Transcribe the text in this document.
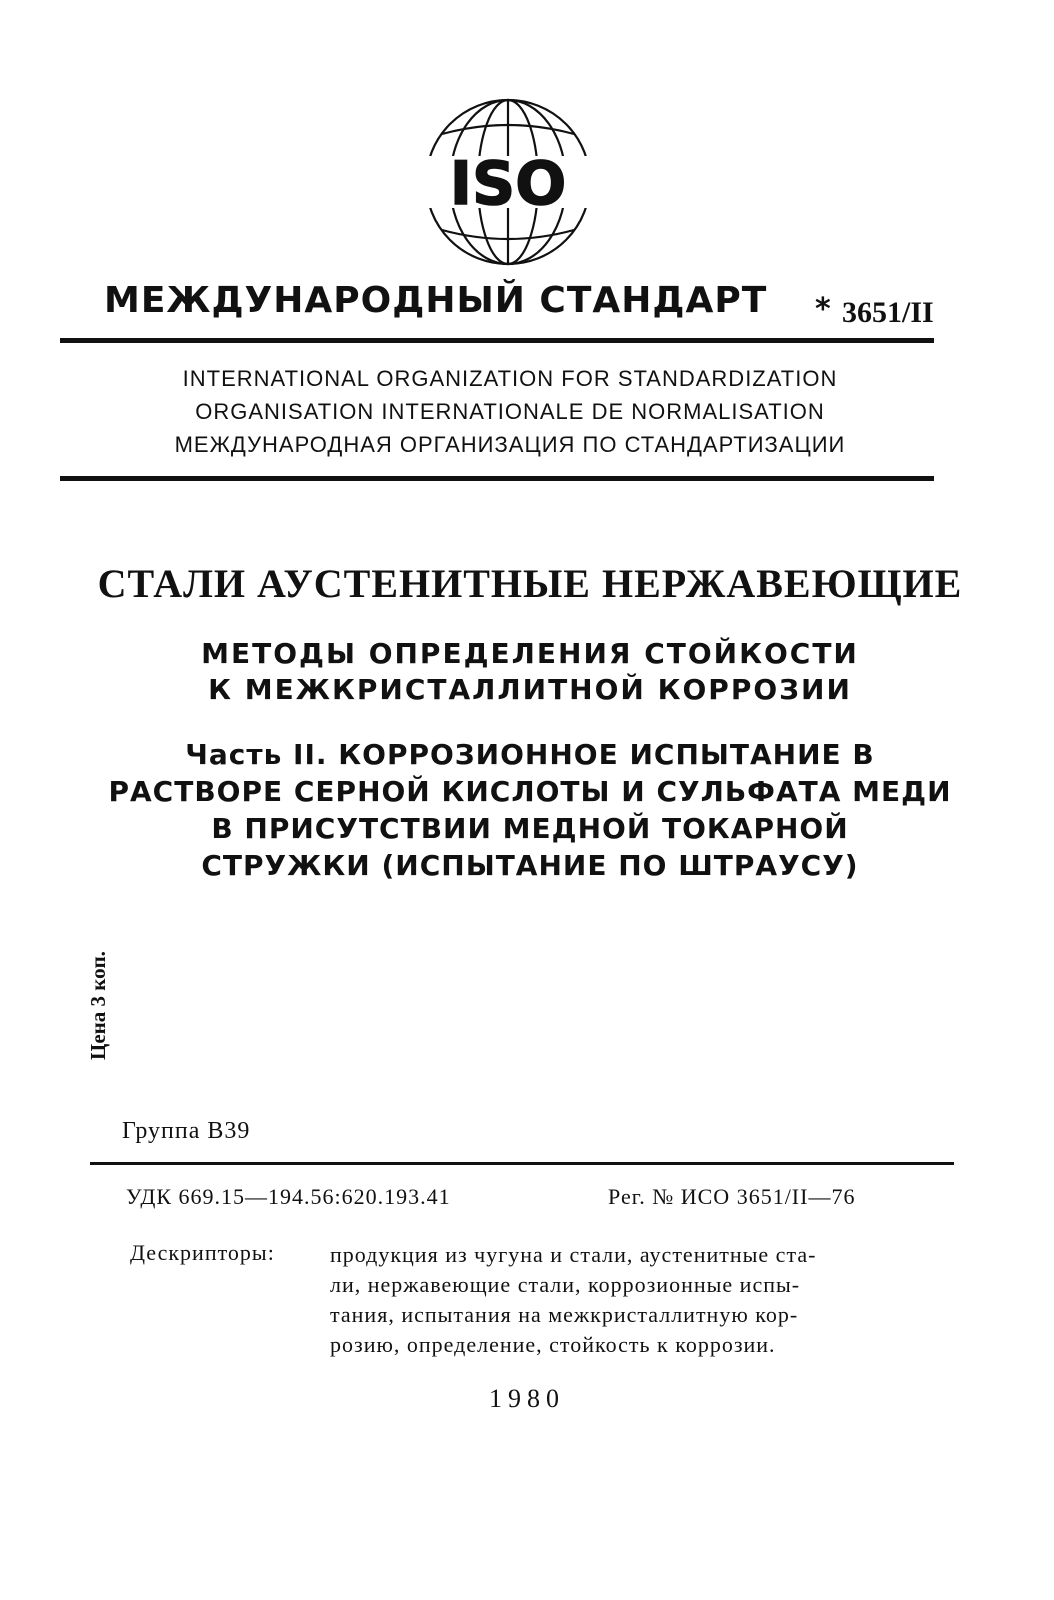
ISO
МЕЖДУНАРОДНЫЙ СТАНДАРТ	* 3651/II
INTERNATIONAL ORGANIZATION FOR STANDARDIZATION
ORGANISATION INTERNATIONALE DE NORMALISATION
МЕЖДУНАРОДНАЯ ОРГАНИЗАЦИЯ ПО СТАНДАРТИЗАЦИИ
СТАЛИ АУСТЕНИТНЫЕ НЕРЖАВЕЮЩИЕ
МЕТОДЫ ОПРЕДЕЛЕНИЯ СТОЙКОСТИ
К МЕЖКРИСТАЛЛИТНОЙ КОРРОЗИИ
Часть II. КОРРОЗИОННОЕ ИСПЫТАНИЕ В
РАСТВОРЕ СЕРНОЙ КИСЛОТЫ И СУЛЬФАТА МЕДИ
В ПРИСУТСТВИИ МЕДНОЙ ТОКАРНОЙ
СТРУЖКИ (ИСПЫТАНИЕ ПО ШТРАУСУ)
Цена 3 коп.
Группа В39
УДК 669.15—194.56:620.193.41	Рег. № ИСО 3651/II—76
Дескрипторы:	продукция из чугуна и стали, аустенитные ста-
ли, нержавеющие стали, коррозионные испы-
тания, испытания на межкристаллитную кор-
розию, определение, стойкость к коррозии.
1980
